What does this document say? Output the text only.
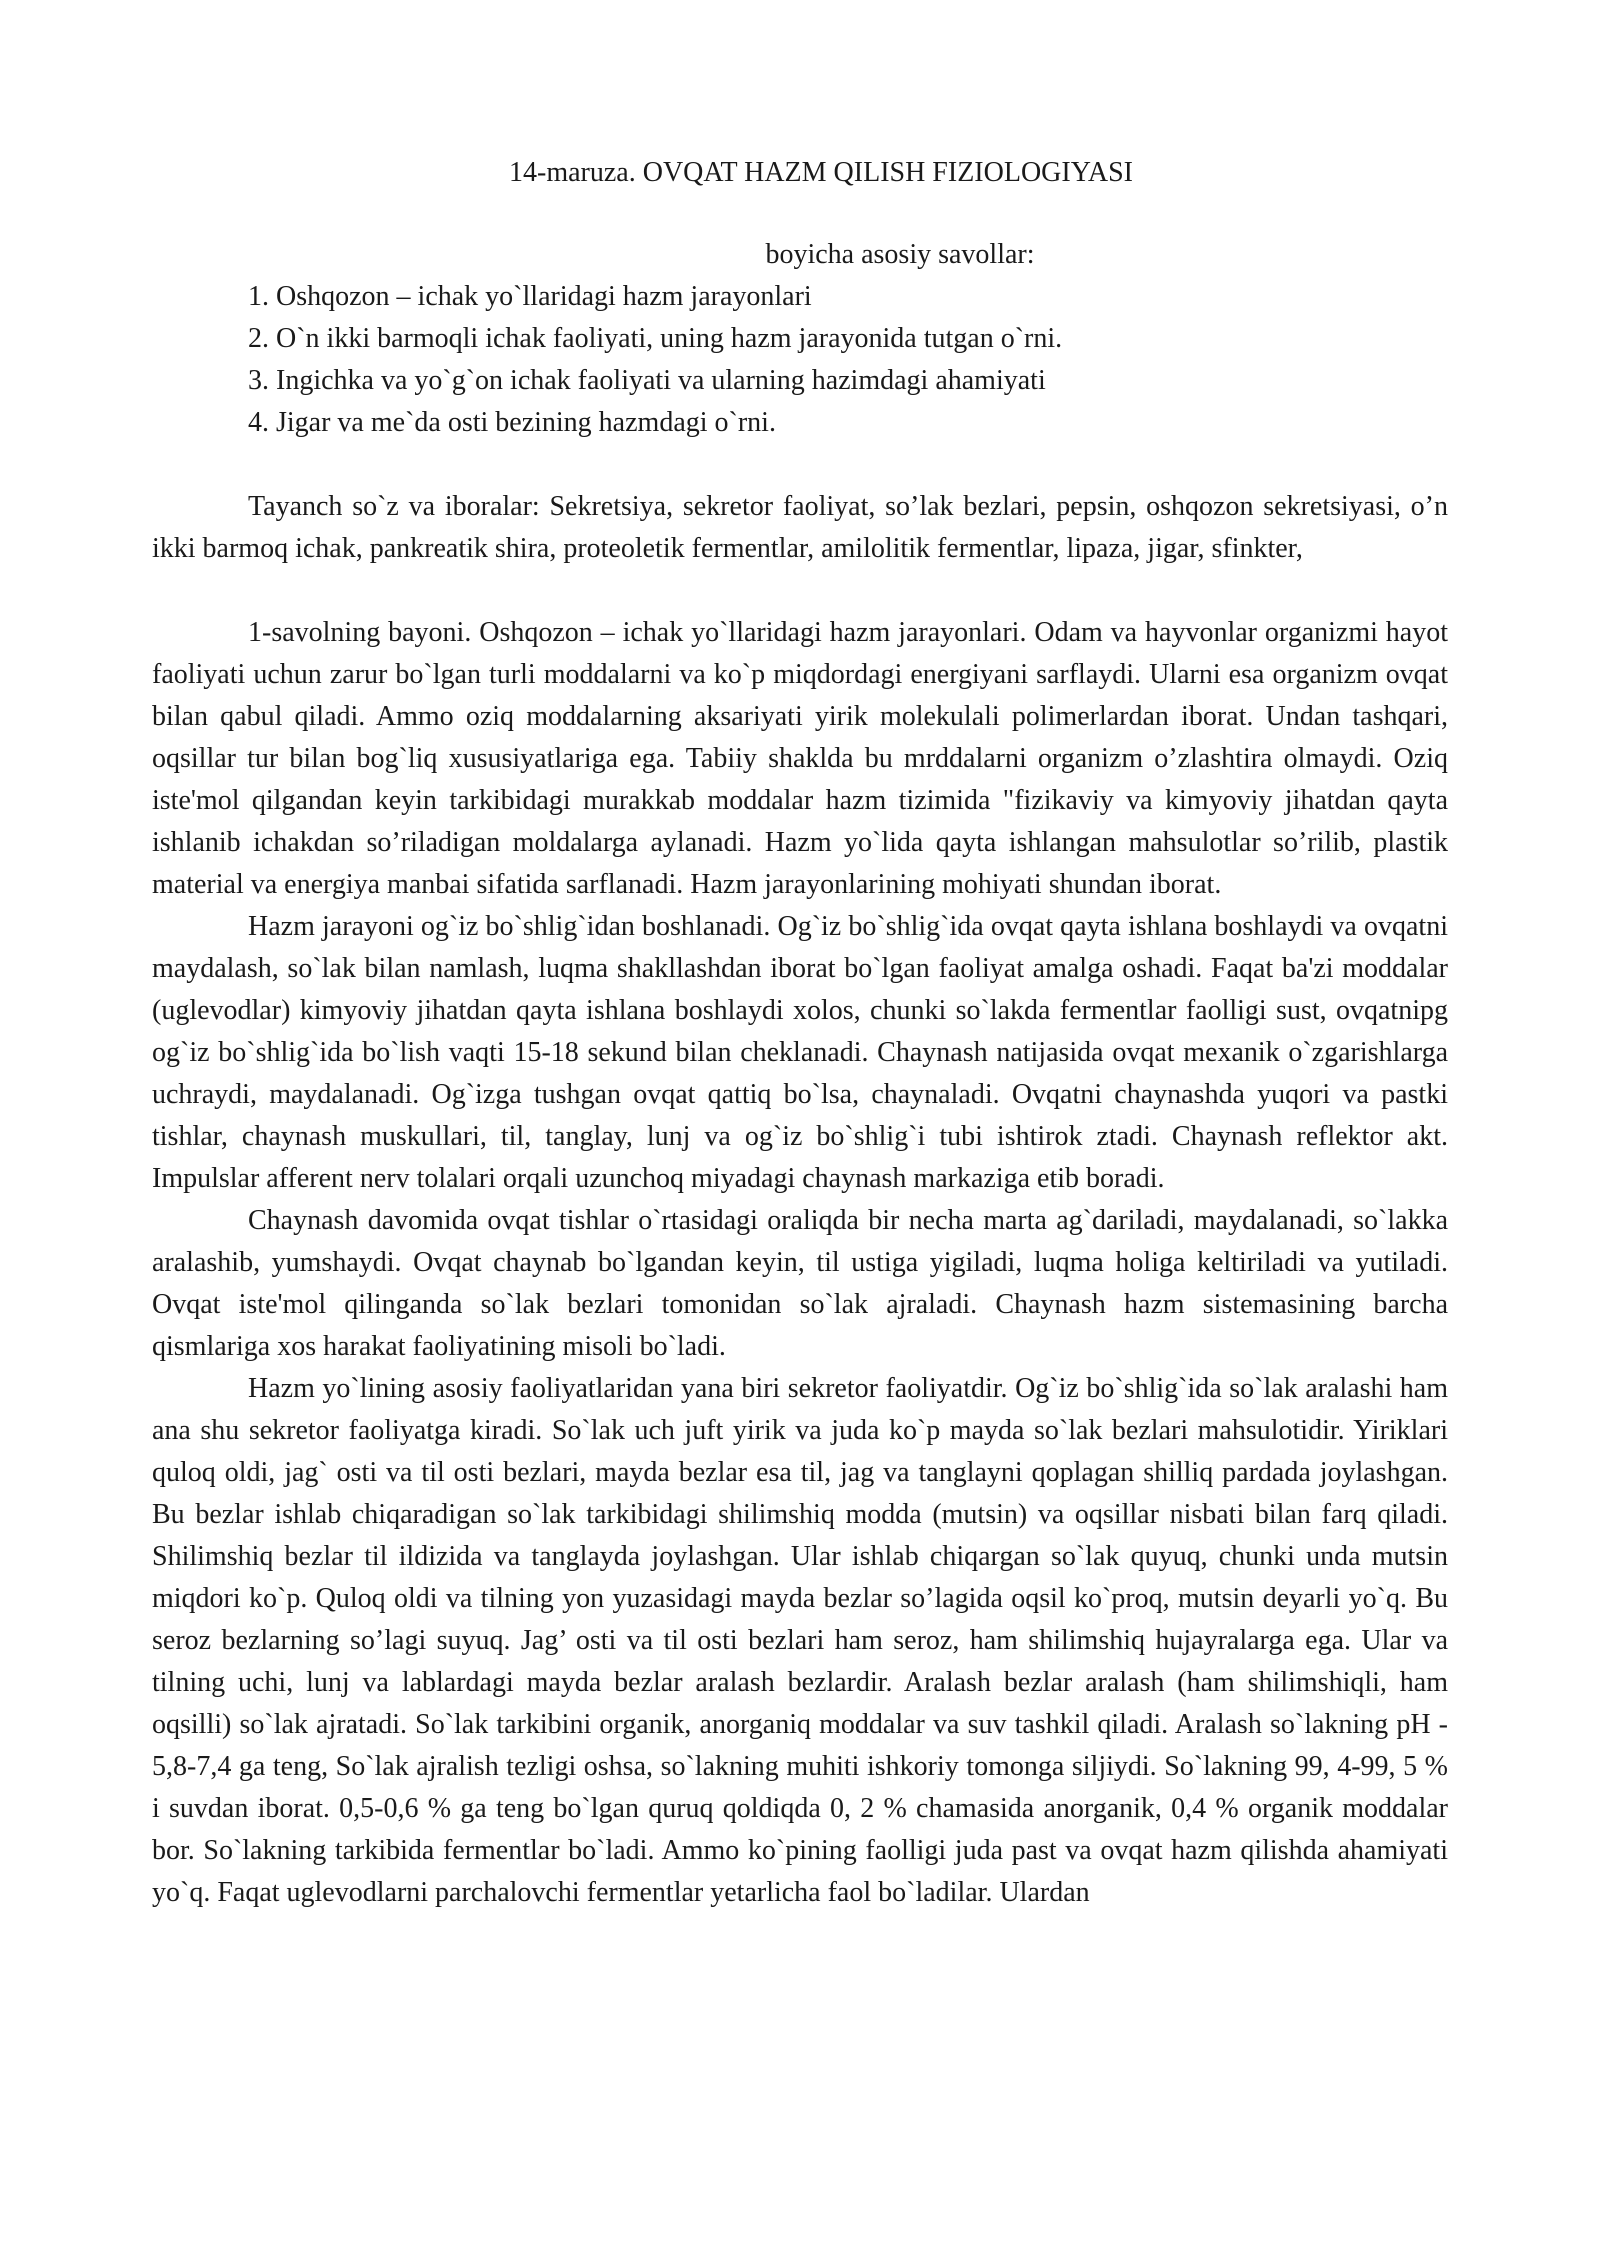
14-maruza. OVQAT HAZM QILISH FIZIOLOGIYASI

boyicha asosiy savollar:

1. Oshqozon – ichak yo`llaridagi hazm jarayonlari
2. O`n ikki barmoqli ichak faoliyati, uning hazm jarayonida tutgan o`rni.
3. Ingichka va yo`g`on ichak faoliyati va ularning hazimdagi ahamiyati
4. Jigar va me`da osti bezining hazmdagi o`rni.

Tayanch so`z va iboralar: Sekretsiya, sekretor faoliyat, so’lak bezlari, pepsin, oshqozon sekretsiyasi, o’n ikki barmoq ichak, pankreatik shira, proteoletik fermentlar, amilolitik fermentlar, lipaza, jigar, sfinkter,

1-savolning bayoni. Oshqozon – ichak yo`llaridagi hazm jarayonlari. Odam va hayvonlar organizmi hayot faoliyati uchun zarur bo`lgan turli moddalarni va ko`p miqdordagi energiyani sarflaydi. Ularni esa organizm ovqat bilan qabul qiladi. Ammo oziq moddalarning aksariyati yirik molekulali polimerlardan iborat. Undan tashqari, oqsillar tur bilan bog`liq xususiyatlariga ega. Tabiiy shaklda bu mrddalarni organizm o’zlashtira olmaydi. Oziq iste'mol qilgandan keyin tarkibidagi murakkab moddalar hazm tizimida "fizikaviy va kimyoviy jihatdan qayta ishlanib ichakdan so’riladigan moldalarga aylanadi. Hazm yo`lida qayta ishlangan mahsulotlar so’rilib, plastik material va energiya manbai sifatida sarflanadi. Hazm jarayonlarining mohiyati shundan iborat.

Hazm jarayoni og`iz bo`shlig`idan boshlanadi. Og`iz bo`shlig`ida ovqat qayta ishlana boshlaydi va ovqatni maydalash, so`lak bilan namlash, luqma shakllashdan iborat bo`lgan faoliyat amalga oshadi. Faqat ba'zi moddalar (uglevodlar) kimyoviy jihatdan qayta ishlana boshlaydi xolos, chunki so`lakda fermentlar faolligi sust, ovqatnipg og`iz bo`shlig`ida bo`lish vaqti 15-18 sekund bilan cheklanadi. Chaynash natijasida ovqat mexanik o`zgarishlarga uchraydi, maydalanadi. Og`izga tushgan ovqat qattiq bo`lsa, chaynaladi. Ovqatni chaynashda yuqori va pastki tishlar, chaynash muskullari, til, tanglay, lunj va og`iz bo`shlig`i tubi ishtirok ztadi. Chaynash reflektor akt. Impulslar afferent nerv tolalari orqali uzunchoq miyadagi chaynash markaziga etib boradi.

Chaynash davomida ovqat tishlar o`rtasidagi oraliqda bir necha marta ag`dariladi, maydalanadi, so`lakka aralashib, yumshaydi. Ovqat chaynab bo`lgandan keyin, til ustiga yigiladi, luqma holiga keltiriladi va yutiladi. Ovqat iste'mol qilinganda so`lak bezlari tomonidan so`lak ajraladi. Chaynash hazm sistemasining barcha qismlariga xos harakat faoliyatining misoli bo`ladi.

Hazm yo`lining asosiy faoliyatlaridan yana biri sekretor faoliyatdir. Og`iz bo`shlig`ida so`lak aralashi ham ana shu sekretor faoliyatga kiradi. So`lak uch juft yirik va juda ko`p mayda so`lak bezlari mahsulotidir. Yiriklari quloq oldi, jag` osti va til osti bezlari, mayda bezlar esa til, jag va tanglayni qoplagan shilliq pardada joylashgan. Bu bezlar ishlab chiqaradigan so`lak tarkibidagi shilimshiq modda (mutsin) va oqsillar nisbati bilan farq qiladi. Shilimshiq bezlar til ildizida va tanglayda joylashgan. Ular ishlab chiqargan so`lak quyuq, chunki unda mutsin miqdori ko`p. Quloq oldi va tilning yon yuzasidagi mayda bezlar so’lagida oqsil ko`proq, mutsin deyarli yo`q. Bu seroz bezlarning so’lagi suyuq. Jag’ osti va til osti bezlari ham seroz, ham shilimshiq hujayralarga ega. Ular va tilning uchi, lunj va lablardagi mayda bezlar aralash bezlardir. Aralash bezlar aralash (ham shilimshiqli, ham oqsilli) so`lak ajratadi. So`lak tarkibini organik, anorganiq moddalar va suv tashkil qiladi. Aralash so`lakning pH - 5,8-7,4 ga teng, So`lak ajralish tezligi oshsa, so`lakning muhiti ishkoriy tomonga siljiydi. So`lakning 99, 4-99, 5 % i suvdan iborat. 0,5-0,6 % ga teng bo`lgan quruq qoldiqda 0, 2 % chamasida anorganik, 0,4 % organik moddalar bor. So`lakning tarkibida fermentlar bo`ladi. Ammo ko`pining faolligi juda past va ovqat hazm qilishda ahamiyati yo`q. Faqat uglevodlarni parchalovchi fermentlar yetarlicha faol bo`ladilar. Ulardan
